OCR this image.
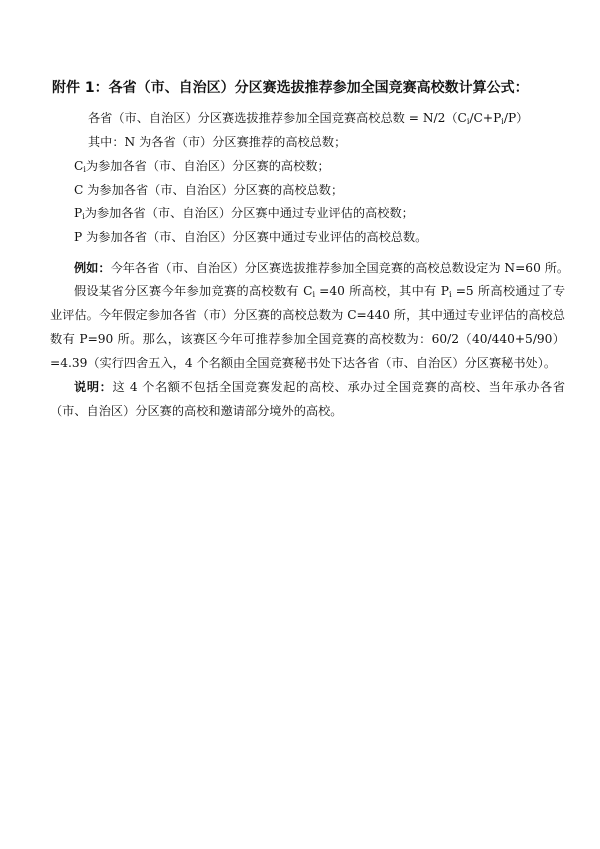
附件 1：各省（市、自治区）分区赛选拔推荐参加全国竞赛高校数计算公式：
各省（市、自治区）分区赛选拔推荐参加全国竞赛高校总数 = $N/2(C_i/C+P_i/P)$
其中：N 为各省（市）分区赛推荐的高校总数；
$C_i$为参加各省（市、自治区）分区赛的高校数；
C 为参加各省（市、自治区）分区赛的高校总数；
$P_i$为参加各省（市、自治区）分区赛中通过专业评估的高校数；
P 为参加各省（市、自治区）分区赛中通过专业评估的高校总数。
例如：今年各省（市、自治区）分区赛选拔推荐参加全国竞赛的高校总数设定为 N=60 所。
假设某省分区赛今年参加竞赛的高校数有 $C_i =40$ 所高校，其中有 $P_i =5$ 所高校通过了专业评估。今年假定参加各省（市）分区赛的高校总数为 C=440 所，其中通过专业评估的高校总数有 P=90 所。那么，该赛区今年可推荐参加全国竞赛的高校数为：60/2（40/440+5/90）=4.39（实行四舍五入，4 个名额由全国竞赛秘书处下达各省（市、自治区）分区赛秘书处）。
说明：这 4 个名额不包括全国竞赛发起的高校、承办过全国竞赛的高校、当年承办各省（市、自治区）分区赛的高校和邀请部分境外的高校。
